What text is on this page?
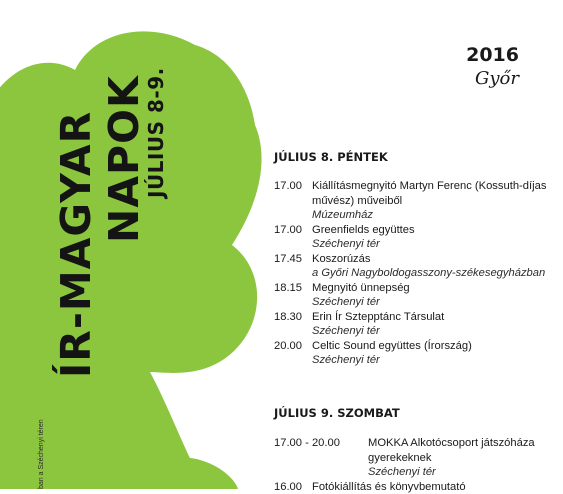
ÍR-MAGYAR NAPOK
JÚLIUS 8-9.
ban a Széchenyi téren
2016
Győr
JÚLIUS 8. PÉNTEK
17.00 Kiállításmegnyitó Martyn Ferenc (Kossuth-díjas művész) műveiből
Múzeumház
17.00 Greenfields együttes
Széchenyi tér
17.45 Koszorúzás
a Győri Nagyboldogasszony-székesegyházban
18.15 Megnyitó ünnepség
Széchenyi tér
18.30 Erin Ír Sztepptánc Társulat
Széchenyi tér
20.00 Celtic Sound együttes (Írország)
Széchenyi tér
JÚLIUS 9. SZOMBAT
17.00 - 20.00	MOKKA Alkotócsoport játszóháza gyerekeknek
Széchenyi tér
16.00 Fotókiállítás és könyvbemutató
